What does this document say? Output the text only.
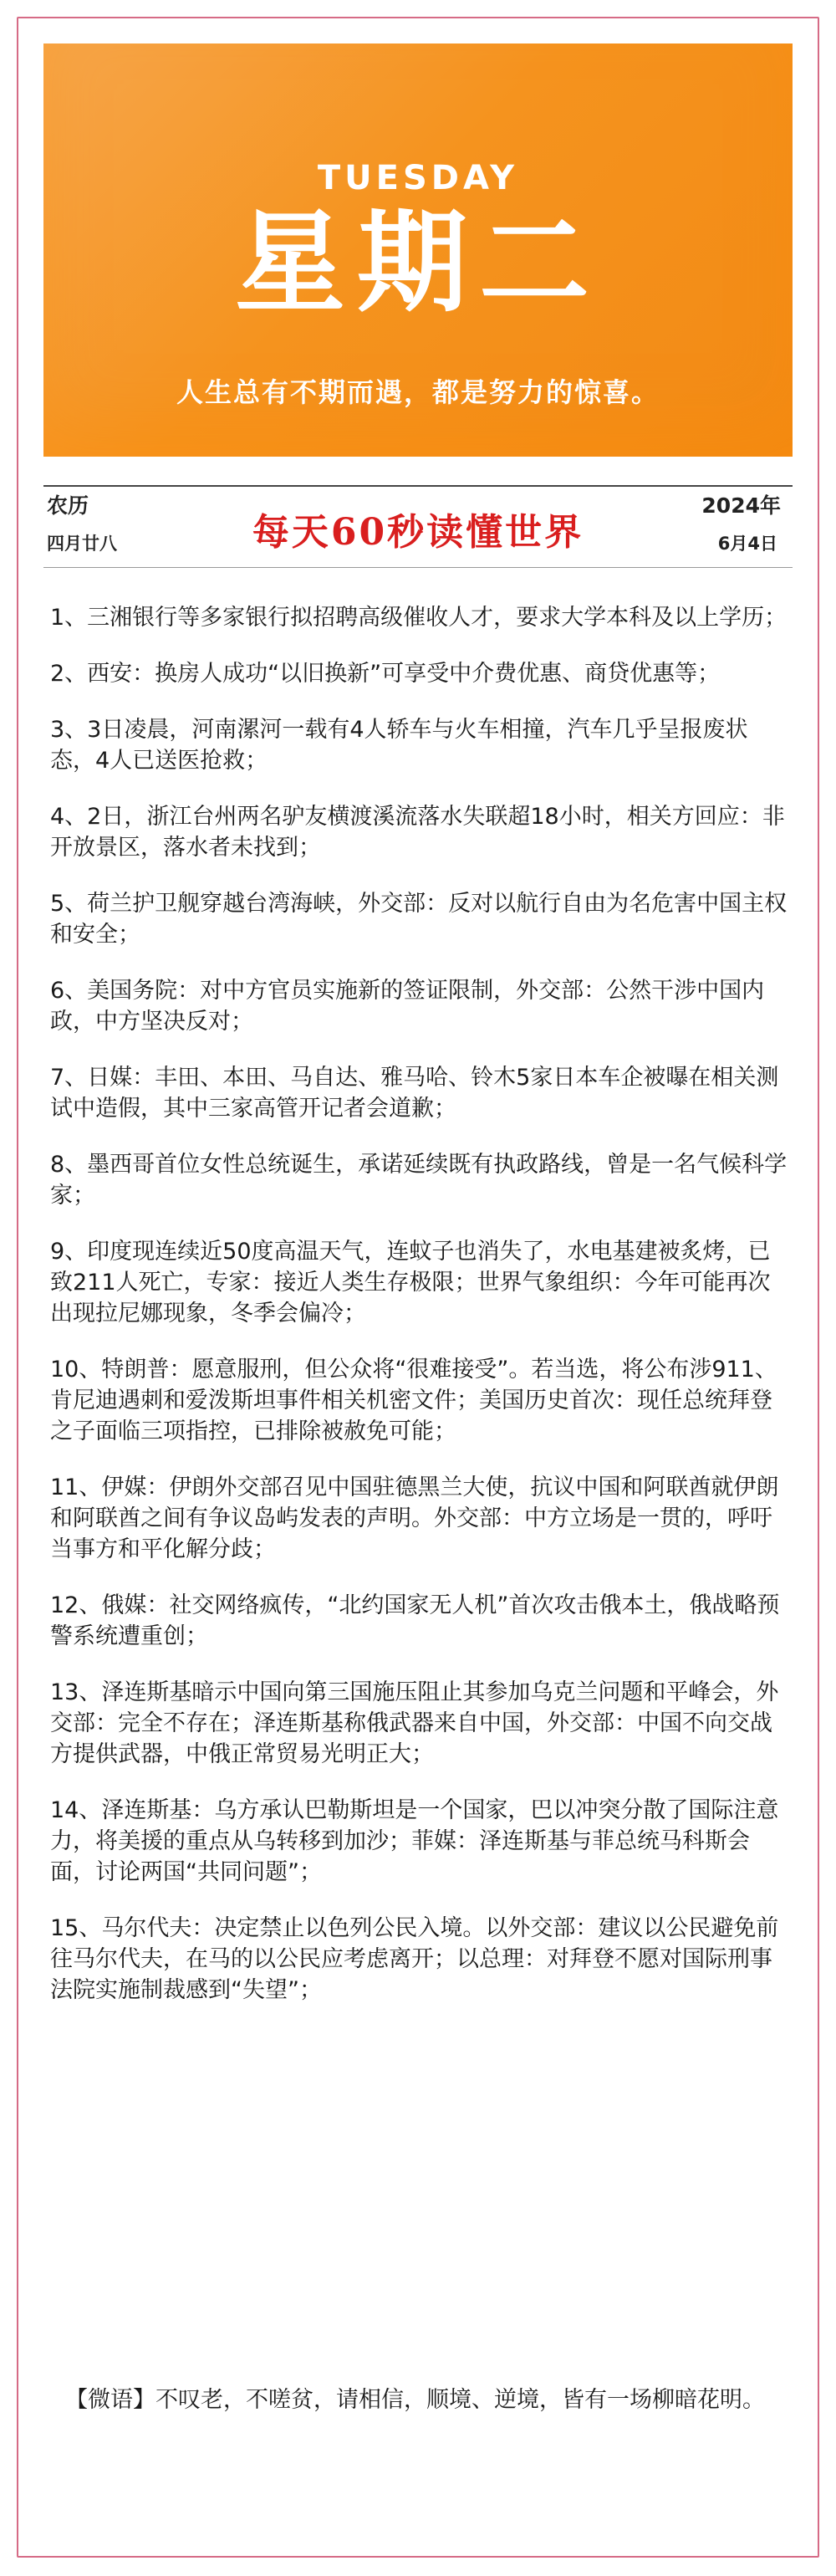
TUESDAY
星期二
人生总有不期而遇，都是努力的惊喜。
农历
四月廿八	每天60秒读懂世界
2024年
6月4日
1、三湘银行等多家银行拟招聘高级催收人才，要求大学本科及以上学历；
2、西安：换房人成功“以旧换新”可享受中介费优惠、商贷优惠等；
3、3日凌晨，河南漯河一载有4人轿车与火车相撞，汽车几乎呈报废状态，4人已送医抢救；
4、2日，浙江台州两名驴友横渡溪流落水失联超18小时，相关方回应：非开放景区，落水者未找到；
5、荷兰护卫舰穿越台湾海峡，外交部：反对以航行自由为名危害中国主权和安全；
6、美国务院：对中方官员实施新的签证限制，外交部：公然干涉中国内政，中方坚决反对；
7、日媒：丰田、本田、马自达、雅马哈、铃木5家日本车企被曝在相关测试中造假，其中三家高管开记者会道歉；
8、墨西哥首位女性总统诞生，承诺延续既有执政路线，曾是一名气候科学家；
9、印度现连续近50度高温天气，连蚊子也消失了，水电基建被炙烤，已致211人死亡，专家：接近人类生存极限；世界气象组织：今年可能再次出现拉尼娜现象，冬季会偏冷；
10、特朗普：愿意服刑，但公众将“很难接受”。若当选，将公布涉911、肯尼迪遇刺和爱泼斯坦事件相关机密文件；美国历史首次：现任总统拜登之子面临三项指控，已排除被赦免可能；
11、伊媒：伊朗外交部召见中国驻德黑兰大使，抗议中国和阿联酋就伊朗和阿联酋之间有争议岛屿发表的声明。外交部：中方立场是一贯的，呼吁当事方和平化解分歧；
12、俄媒：社交网络疯传，“北约国家无人机”首次攻击俄本土，俄战略预警系统遭重创；
13、泽连斯基暗示中国向第三国施压阻止其参加乌克兰问题和平峰会，外交部：完全不存在；泽连斯基称俄武器来自中国，外交部：中国不向交战方提供武器，中俄正常贸易光明正大；
14、泽连斯基：乌方承认巴勒斯坦是一个国家，巴以冲突分散了国际注意力，将美援的重点从乌转移到加沙；菲媒：泽连斯基与菲总统马科斯会面，讨论两国“共同问题”；
15、马尔代夫：决定禁止以色列公民入境。以外交部：建议以公民避免前往马尔代夫，在马的以公民应考虑离开；以总理：对拜登不愿对国际刑事法院实施制裁感到“失望”；
【微语】不叹老，不嗟贫，请相信，顺境、逆境，皆有一场柳暗花明。
